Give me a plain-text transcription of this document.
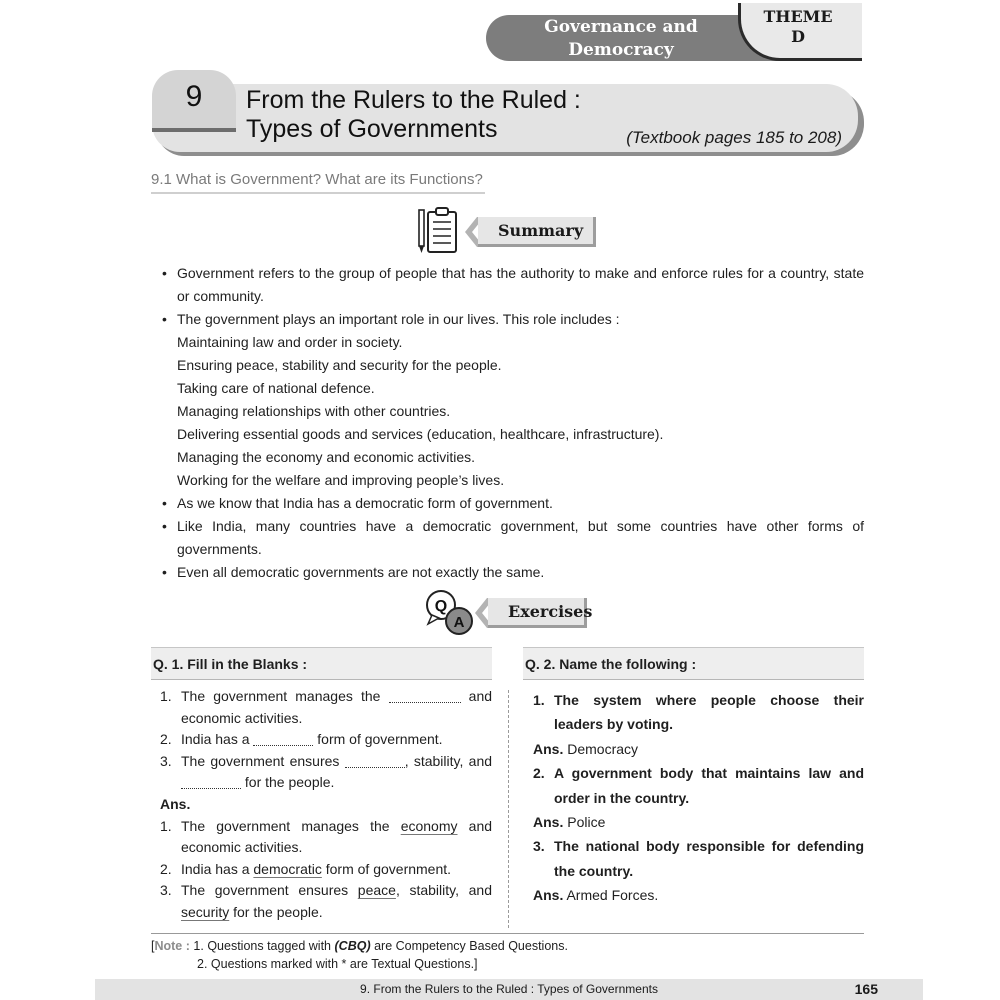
Governance and
Democracy
THEME
D
9	From the Rulers to the Ruled :
Types of Governments	(Textbook pages 185 to 208)
9.1 What is Government? What are its Functions?
Summary
• Government refers to the group of people that has the authority to make and enforce rules for a country, state or community.
• The government plays an important role in our lives. This role includes :
Maintaining law and order in society.
Ensuring peace, stability and security for the people.
Taking care of national defence.
Managing relationships with other countries.
Delivering essential goods and services (education, healthcare, infrastructure).
Managing the economy and economic activities.
Working for the welfare and improving people’s lives.
• As we know that India has a democratic form of government.
• Like India, many countries have a democratic government, but some countries have other forms of governments.
• Even all democratic governments are not exactly the same.
Q
A
Exercises
Q. 1. Fill in the Blanks :
1. The government manages the	and economic activities.
2. India has a	form of government.
3. The government ensures	, stability, and  for the people.
Ans.
1. The government manages the economy and economic activities.
2. India has a democratic form of government.
3. The government ensures peace, stability, and security for the people.
Q. 2. Name the following :
1. The system where people choose their leaders by voting.
Ans. Democracy
2. A government body that maintains law and order in the country.
Ans. Police
3. The national body responsible for defending the country.
Ans. Armed Forces.
[Note : 1. Questions tagged with (CBQ) are Competency Based Questions.
2. Questions marked with * are Textual Questions.]
9. From the Rulers to the Ruled : Types of Governments	165
